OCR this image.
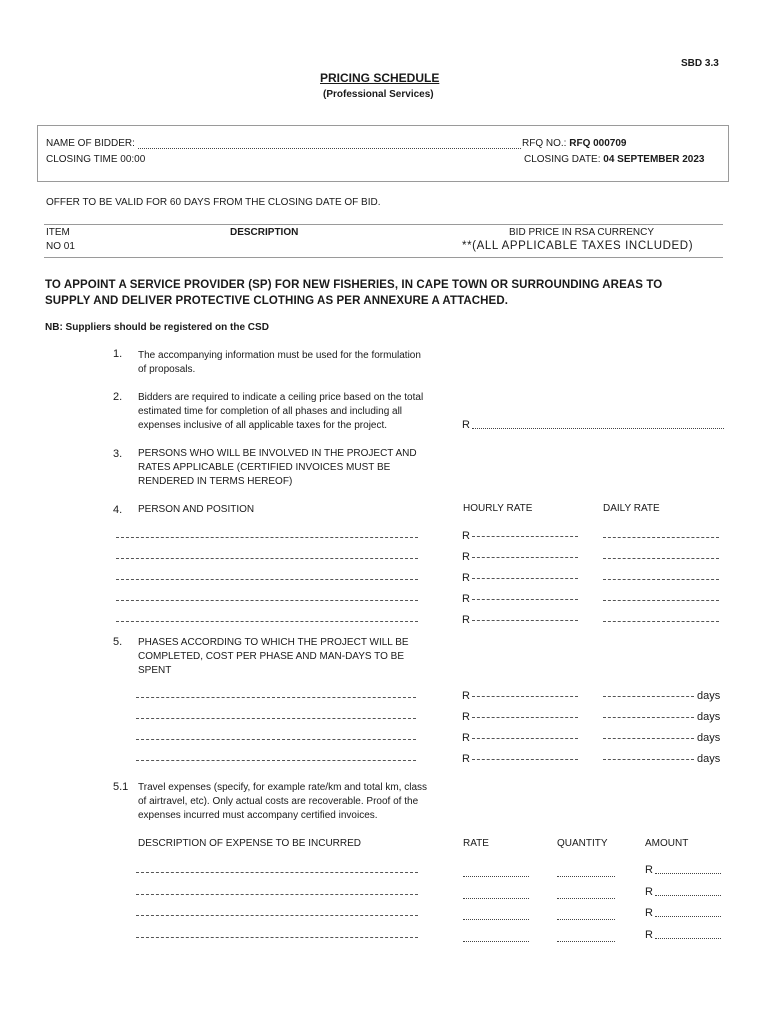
SBD 3.3
PRICING SCHEDULE
(Professional Services)
NAME OF BIDDER:	RFQ NO.: RFQ 000709
CLOSING TIME 00:00	CLOSING DATE: 04 SEPTEMBER 2023
OFFER TO BE VALID FOR 60 DAYS FROM THE CLOSING DATE OF BID.
ITEM
NO 01
DESCRIPTION	BID PRICE IN RSA CURRENCY
**(ALL APPLICABLE TAXES INCLUDED)
TO APPOINT A SERVICE PROVIDER (SP) FOR NEW FISHERIES, IN CAPE TOWN OR SURROUNDING AREAS TO
SUPPLY AND DELIVER PROTECTIVE CLOTHING AS PER ANNEXURE A ATTACHED.
NB: Suppliers should be registered on the CSD
1. The accompanying information must be used for the formulation
of proposals.
2. Bidders are required to indicate a ceiling price based on the total
estimated time for completion of all phases and including all
expenses inclusive of all applicable taxes for the project.	R
3. PERSONS WHO WILL BE INVOLVED IN THE PROJECT AND
RATES APPLICABLE (CERTIFIED INVOICES MUST BE
RENDERED IN TERMS HEREOF)
4. PERSON AND POSITION	HOURLY RATE	DAILY RATE
R
R
R
R
R
5. PHASES ACCORDING TO WHICH THE PROJECT WILL BE
COMPLETED, COST PER PHASE AND MAN-DAYS TO BE
SPENT
R	days
R	days
R	days
R	days
5.1 Travel expenses (specify, for example rate/km and total km, class
of airtravel, etc). Only actual costs are recoverable. Proof of the
expenses incurred must accompany certified invoices.
DESCRIPTION OF EXPENSE TO BE INCURRED	RATE	QUANTITY	AMOUNT
R
R
R
R
